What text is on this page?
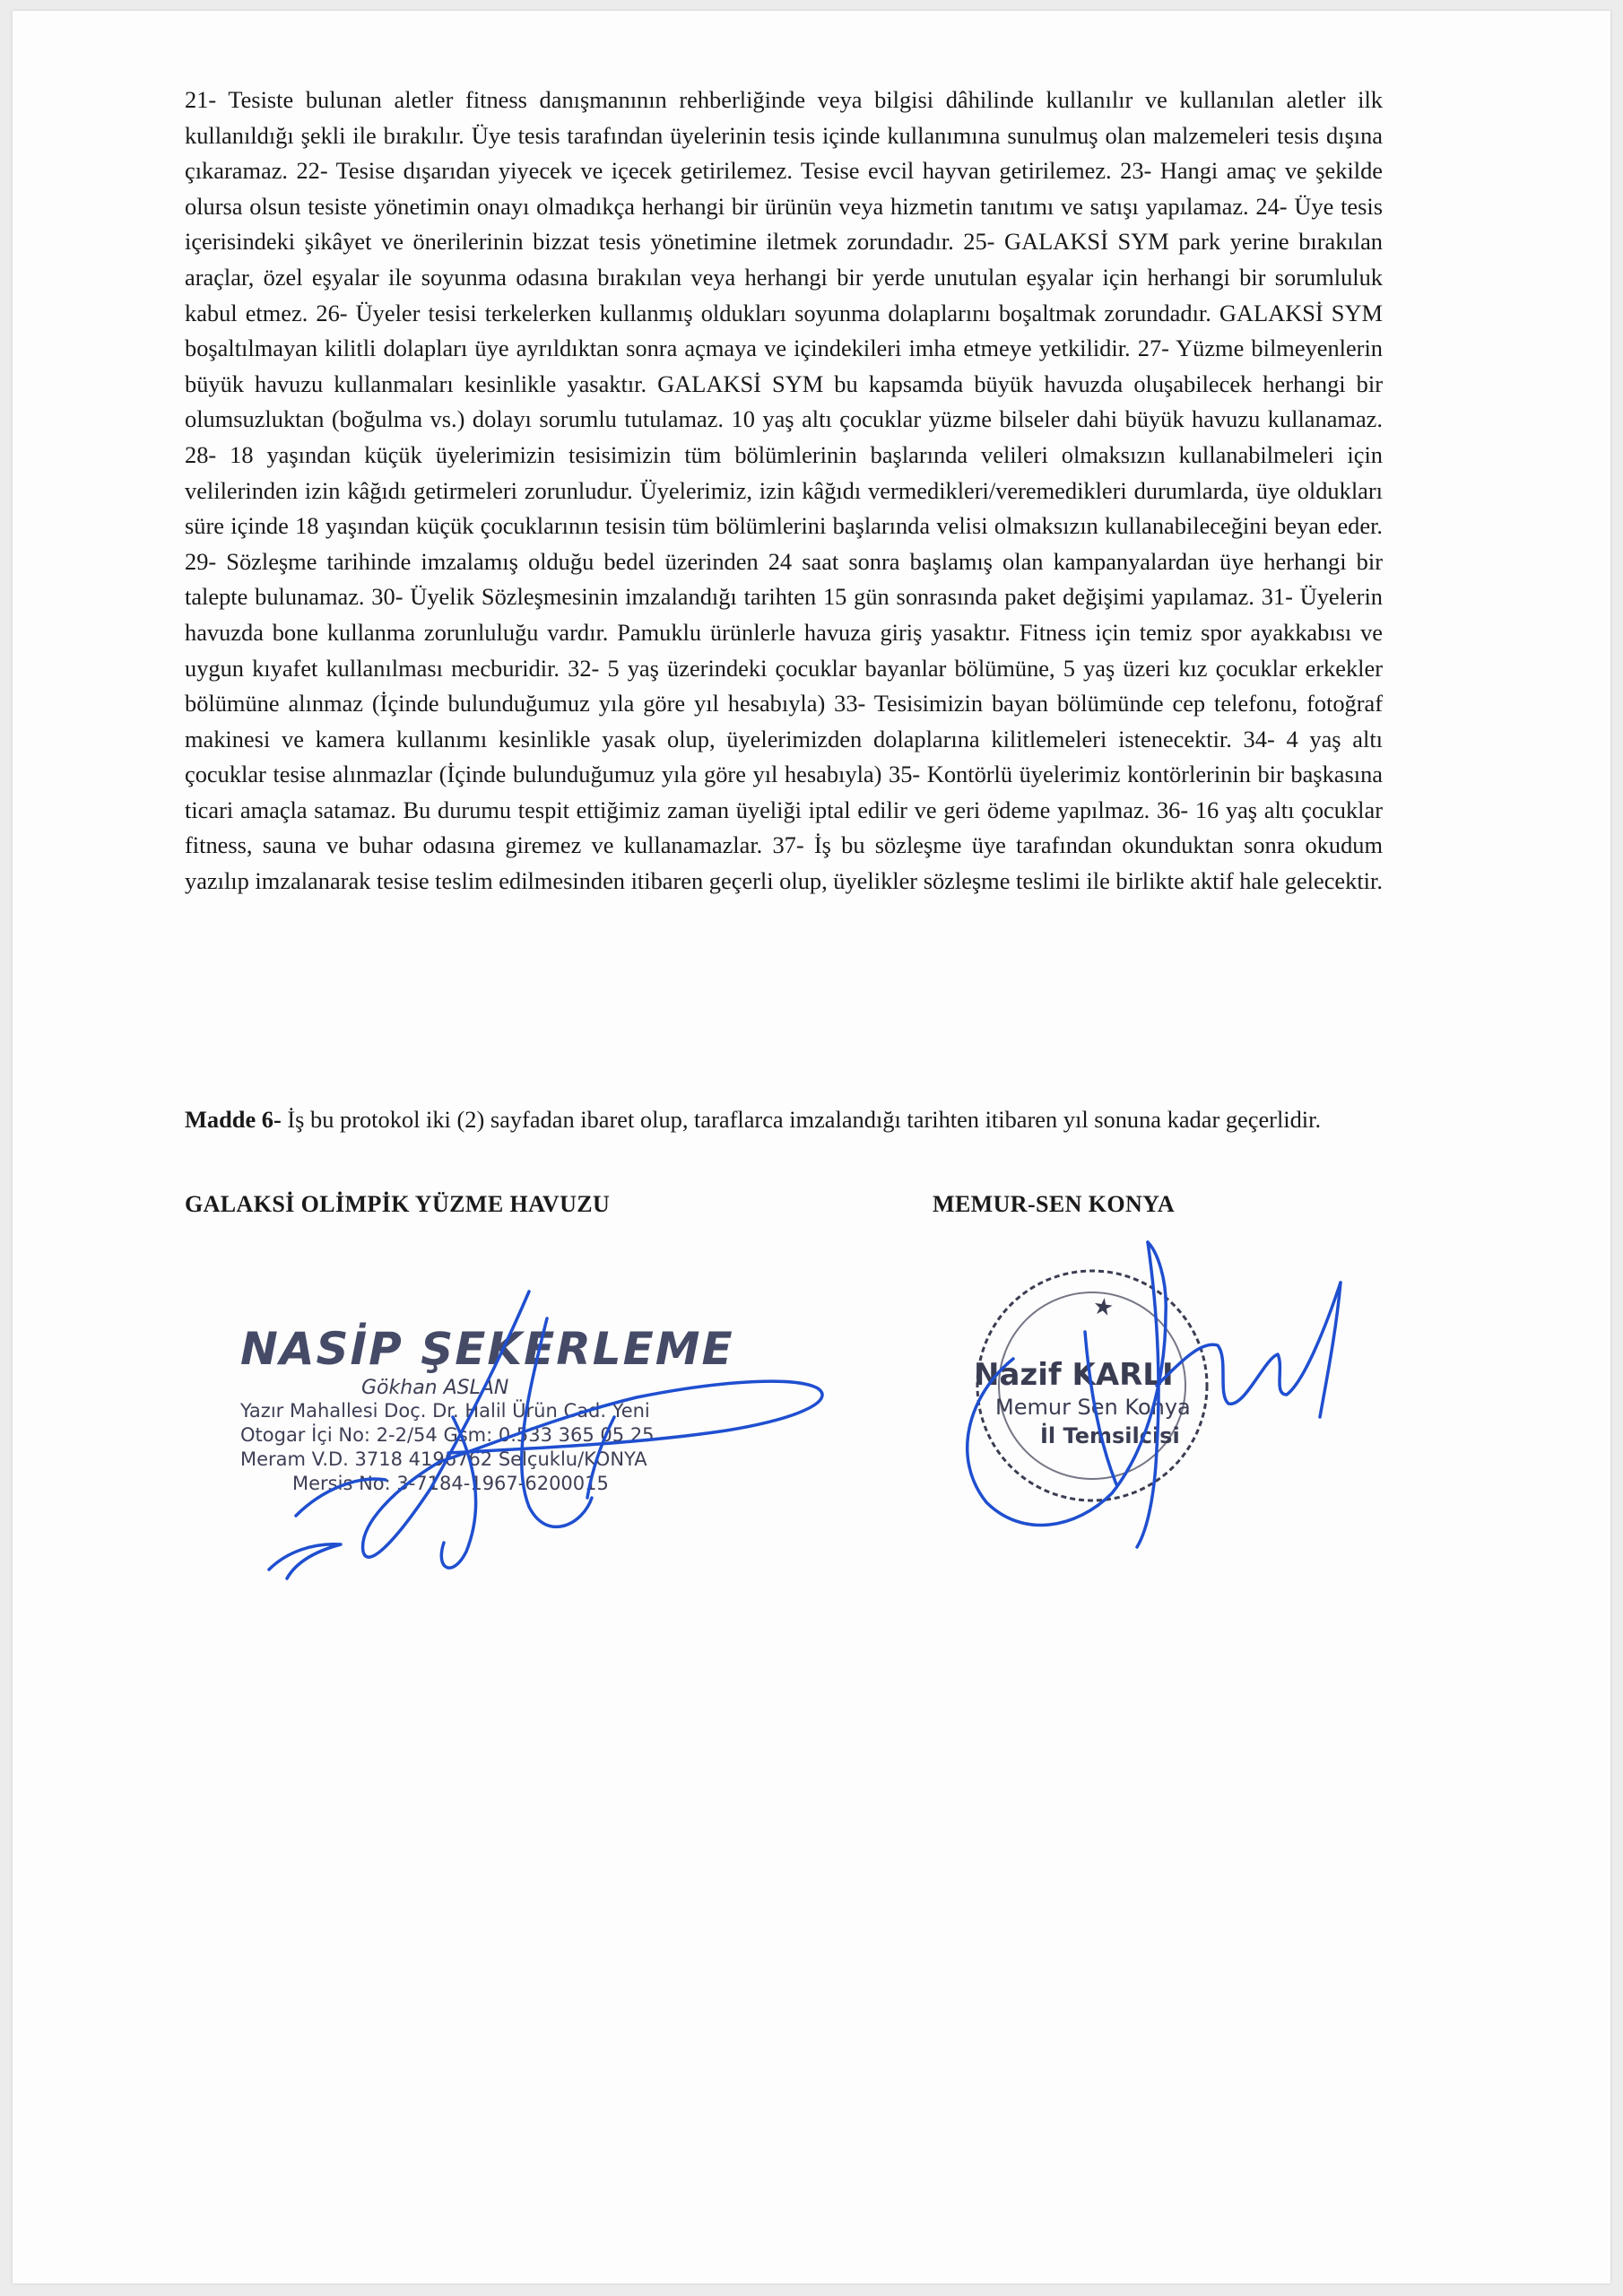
21- Tesiste bulunan aletler fitness danışmanının rehberliğinde veya bilgisi dâhilinde kullanılır ve kullanılan aletler ilk kullanıldığı şekli ile bırakılır. Üye tesis tarafından üyelerinin tesis içinde kullanımına sunulmuş olan malzemeleri tesis dışına çıkaramaz. 22- Tesise dışarıdan yiyecek ve içecek getirilemez. Tesise evcil hayvan getirilemez. 23- Hangi amaç ve şekilde olursa olsun tesiste yönetimin onayı olmadıkça herhangi bir ürünün veya hizmetin tanıtımı ve satışı yapılamaz. 24- Üye tesis içerisindeki şikâyet ve önerilerinin bizzat tesis yönetimine iletmek zorundadır. 25- GALAKSİ SYM park yerine bırakılan araçlar, özel eşyalar ile soyunma odasına bırakılan veya herhangi bir yerde unutulan eşyalar için herhangi bir sorumluluk kabul etmez. 26- Üyeler tesisi terkelerken kullanmış oldukları soyunma dolaplarını boşaltmak zorundadır. GALAKSİ SYM boşaltılmayan kilitli dolapları üye ayrıldıktan sonra açmaya ve içindekileri imha etmeye yetkilidir. 27- Yüzme bilmeyenlerin büyük havuzu kullanmaları kesinlikle yasaktır. GALAKSİ SYM bu kapsamda büyük havuzda oluşabilecek herhangi bir olumsuzluktan (boğulma vs.) dolayı sorumlu tutulamaz. 10 yaş altı çocuklar yüzme bilseler dahi büyük havuzu kullanamaz. 28- 18 yaşından küçük üyelerimizin tesisimizin tüm bölümlerinin başlarında velileri olmaksızın kullanabilmeleri için velilerinden izin kâğıdı getirmeleri zorunludur. Üyelerimiz, izin kâğıdı vermedikleri/veremedikleri durumlarda, üye oldukları süre içinde 18 yaşından küçük çocuklarının tesisin tüm bölümlerini başlarında velisi olmaksızın kullanabileceğini beyan eder. 29- Sözleşme tarihinde imzalamış olduğu bedel üzerinden 24 saat sonra başlamış olan kampanyalardan üye herhangi bir talepte bulunamaz. 30- Üyelik Sözleşmesinin imzalandığı tarihten 15 gün sonrasında paket değişimi yapılamaz. 31- Üyelerin havuzda bone kullanma zorunluluğu vardır. Pamuklu ürünlerle havuza giriş yasaktır. Fitness için temiz spor ayakkabısı ve uygun kıyafet kullanılması mecburidir. 32- 5 yaş üzerindeki çocuklar bayanlar bölümüne, 5 yaş üzeri kız çocuklar erkekler bölümüne alınmaz (İçinde bulunduğumuz yıla göre yıl hesabıyla) 33- Tesisimizin bayan bölümünde cep telefonu, fotoğraf makinesi ve kamera kullanımı kesinlikle yasak olup, üyelerimizden dolaplarına kilitlemeleri istenecektir. 34- 4 yaş altı çocuklar tesise alınmazlar (İçinde bulunduğumuz yıla göre yıl hesabıyla) 35- Kontörlü üyelerimiz kontörlerinin bir başkasına ticari amaçla satamaz. Bu durumu tespit ettiğimiz zaman üyeliği iptal edilir ve geri ödeme yapılmaz. 36- 16 yaş altı çocuklar fitness, sauna ve buhar odasına giremez ve kullanamazlar. 37- İş bu sözleşme üye tarafından okunduktan sonra okudum yazılıp imzalanarak tesise teslim edilmesinden itibaren geçerli olup, üyelikler sözleşme teslimi ile birlikte aktif hale gelecektir.

Madde 6- İş bu protokol iki (2) sayfadan ibaret olup, taraflarca imzalandığı tarihten itibaren yıl sonuna kadar geçerlidir.

GALAKSİ OLİMPİK YÜZME HAVUZU	MEMUR-SEN KONYA
NASİP ŞEKERLEME
Gökhan ASLAN
Yazır Mahallesi Doç. Dr. Halil Ürün Cad. Yeni
Otogar İçi No: 2-2/54 Gsm: 0.533 365 05 25
Meram V.D. 3718 4196762 Selçuklu/KONYA
Mersis No: 3-7184-1967-6200015
★
Nazif KARLI
Memur Sen Konya
İl Temsilcisi
